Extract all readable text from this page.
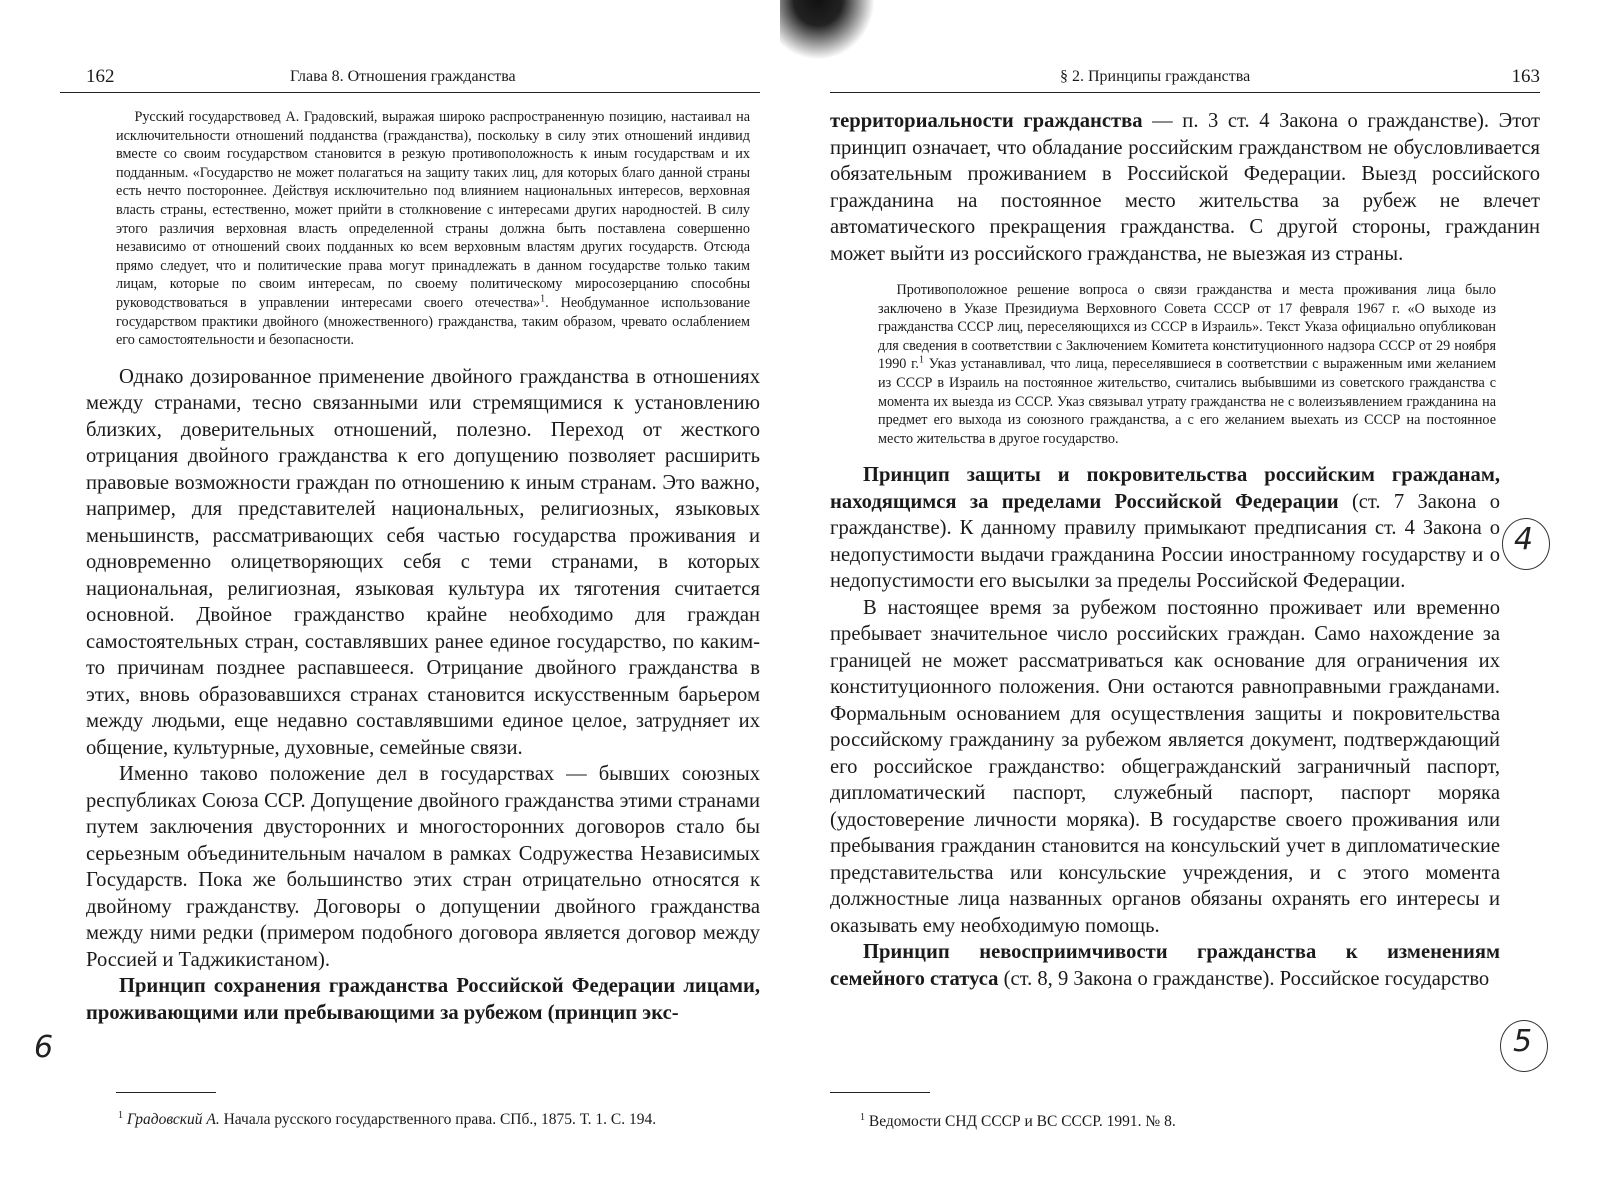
162	Глава 8. Отношения гражданства

Русский государствовед А. Градовский, выражая широко распространенную позицию, настаивал на исключительности отношений подданства (гражданства), поскольку в силу этих отношений индивид вместе со своим государством становится в резкую противоположность к иным государствам и их подданным. «Государство не может полагаться на защиту таких лиц, для которых благо данной страны есть нечто постороннее. Действуя исключительно под влиянием национальных интересов, верховная власть страны, естественно, может прийти в столкновение с интересами других народностей. В силу этого различия верховная власть определенной страны должна быть поставлена совершенно независимо от отношений своих подданных ко всем верховным властям других государств. Отсюда прямо следует, что и политические права могут принадлежать в данном государстве только таким лицам, которые по своим интересам, по своему политическому миросозерцанию способны руководствоваться в управлении интересами своего отечества»$^1$. Необдуманное использование государством практики двойного (множественного) гражданства, таким образом, чревато ослаблением его самостоятельности и безопасности.

Однако дозированное применение двойного гражданства в отношениях между странами, тесно связанными или стремящимися к установлению близких, доверительных отношений, полезно. Переход от жесткого отрицания двойного гражданства к его допущению позволяет расширить правовые возможности граждан по отношению к иным странам. Это важно, например, для представителей национальных, религиозных, языковых меньшинств, рассматривающих себя частью государства проживания и одновременно олицетворяющих себя с теми странами, в которых национальная, религиозная, языковая культура их тяготения считается основной. Двойное гражданство крайне необходимо для граждан самостоятельных стран, составлявших ранее единое государство, по каким-то причинам позднее распавшееся. Отрицание двойного гражданства в этих, вновь образовавшихся странах становится искусственным барьером между людьми, еще недавно составлявшими единое целое, затрудняет их общение, культурные, духовные, семейные связи.

Именно таково положение дел в государствах — бывших союзных республиках Союза ССР. Допущение двойного гражданства этими странами путем заключения двусторонних и многосторонних договоров стало бы серьезным объединительным началом в рамках Содружества Независимых Государств. Пока же большинство этих стран отрицательно относятся к двойному гражданству. Договоры о допущении двойного гражданства между ними редки (примером подобного договора является договор между Россией и Таджикистаном).

Принцип сохранения гражданства Российской Федерации лицами, проживающими или пребывающими за рубежом (принцип экс-

$^1$ Градовский А. Начала русского государственного права. СПб., 1875. Т. 1. С. 194.
6
§ 2. Принципы гражданства	163

территориальности гражданства — п. 3 ст. 4 Закона о гражданстве). Этот принцип означает, что обладание российским гражданством не обусловливается обязательным проживанием в Российской Федерации. Выезд российского гражданина на постоянное место жительства за рубеж не влечет автоматического прекращения гражданства. С другой стороны, гражданин может выйти из российского гражданства, не выезжая из страны.

Противоположное решение вопроса о связи гражданства и места проживания лица было заключено в Указе Президиума Верховного Совета СССР от 17 февраля 1967 г. «О выходе из гражданства СССР лиц, переселяющихся из СССР в Израиль». Текст Указа официально опубликован для сведения в соответствии с Заключением Комитета конституционного надзора СССР от 29 ноября 1990 г.$^1$ Указ устанавливал, что лица, переселявшиеся в соответствии с выраженным ими желанием из СССР в Израиль на постоянное жительство, считались выбывшими из советского гражданства с момента их выезда из СССР. Указ связывал утрату гражданства не с волеизъявлением гражданина на предмет его выхода из союзного гражданства, а с его желанием выехать из СССР на постоянное место жительства в другое государство.

Принцип защиты и покровительства российским гражданам, находящимся за пределами Российской Федерации (ст. 7 Закона о гражданстве). К данному правилу примыкают предписания ст. 4 Закона о недопустимости выдачи гражданина России иностранному государству и о недопустимости его высылки за пределы Российской Федерации.

В настоящее время за рубежом постоянно проживает или временно пребывает значительное число российских граждан. Само нахождение за границей не может рассматриваться как основание для ограничения их конституционного положения. Они остаются равноправными гражданами. Формальным основанием для осуществления защиты и покровительства российскому гражданину за рубежом является документ, подтверждающий его российское гражданство: общегражданский заграничный паспорт, дипломатический паспорт, служебный паспорт, паспорт моряка (удостоверение личности моряка). В государстве своего проживания или пребывания гражданин становится на консульский учет в дипломатические представительства или консульские учреждения, и с этого момента должностные лица названных органов обязаны охранять его интересы и оказывать ему необходимую помощь.

Принцип невосприимчивости гражданства к изменениям семейного статуса (ст. 8, 9 Закона о гражданстве). Российское государство

$^1$ Ведомости СНД СССР и ВС СССР. 1991. № 8.
4
5
